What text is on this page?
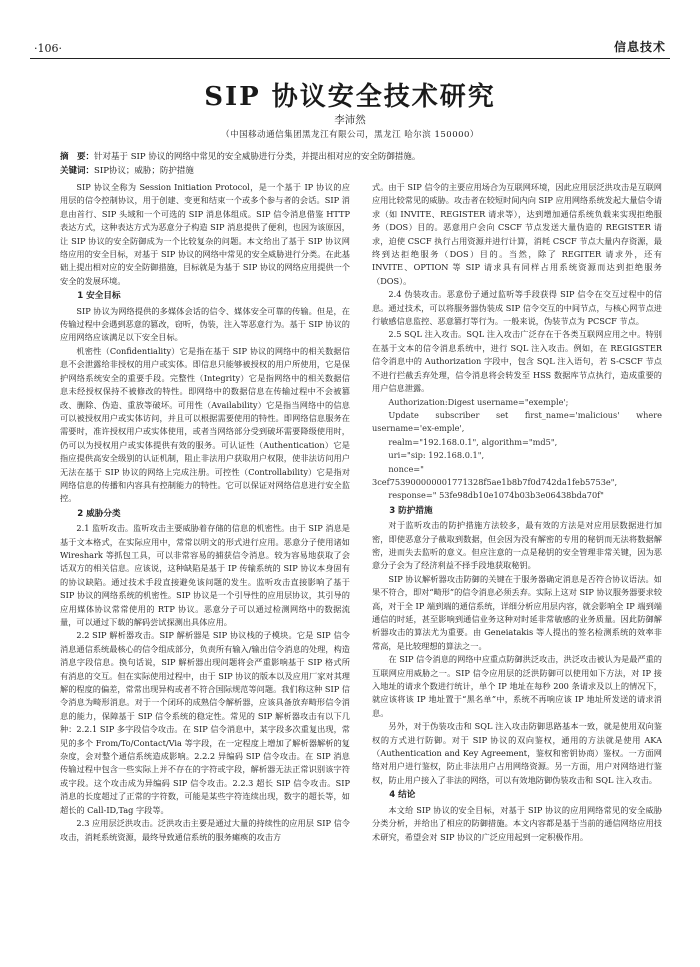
·106·	信息技术
SIP 协议安全技术研究
李沛然
（中国移动通信集团黑龙江有限公司，黑龙江 哈尔滨 150000）
摘　要：针对基于 SIP 协议的网络中常见的安全威胁进行分类，并提出相对应的安全防御措施。
关键词：SIP协议；威胁；防护措施

SIP 协议全称为 Session Initiation Protocol，是一个基于 IP 协议的应用层的信令控制协议，用于创建、变更和结束一个或多个参与者的会话。SIP 消息由首行、SIP 头域和一个可选的 SIP 消息体组成。SIP 信令消息借鉴 HTTP 表达方式，这种表达方式为恶意分子构造 SIP 消息提供了便利，也因为该原因，让 SIP 协议的安全防御成为一个比较复杂的问题。本文给出了基于 SIP 协议网络应用的安全目标，对基于 SIP 协议的网络中常见的安全威胁进行分类。在此基础上提出相对应的安全防御措施，目标就是为基于 SIP 协议的网络应用提供一个安全的发展环境。

1 安全目标

SIP 协议为网络提供的多媒体会话的信令、媒体安全可靠的传输。但是，在传输过程中会遇到恶意的篡改，窃听，伪装，注入等恶意行为。基于 SIP 协议的应用网络应该满足以下安全目标。

机密性（Confidentiality）它是指在基于 SIP 协议的网络中的相关数据信息不会泄露给非授权的用户或实体。即信息只能够被授权的用户所使用，它是保护网络系统安全的重要手段。完整性（Integrity）它是指网络中的相关数据信息未经授权保持不被修改的特性。即网络中的数据信息在传输过程中不会被篡改、删除、伪造、重放等破坏。可用性（Availability）它是指当网络中的信息可以被授权用户或实体访问，并且可以根据需要使用的特性。即网络信息服务在需要时，准许授权用户或实体使用，或者当网络部分受到破坏需要降级使用时，仍可以为授权用户或实体提供有效的服务。可认证性（Authentication）它是指应提供高安全级别的认证机制，阻止非法用户获取用户权限，使非法访问用户无法在基于 SIP 协议的网络上完成注册。可控性（Controllability）它是指对网络信息的传播和内容具有控制能力的特性。它可以保证对网络信息进行安全监控。

2 威胁分类

2.1 监听攻击。监听攻击主要威胁着存储的信息的机密性。由于 SIP 消息是基于文本格式，在实际应用中，常常以明文的形式进行应用。恶意分子使用诸如 Wireshark 等抓包工具，可以非常容易的捕获信令消息。较为容易地获取了会话双方的相关信息。应该说，这种缺陷是基于 IP 传输系统的 SIP 协议本身固有的协议缺陷。通过技术手段直接避免该问题的发生。监听攻击直接影响了基于 SIP 协议的网络系统的机密性。SIP 协议是一个引导性的应用层协议，其引导的应用媒体协议常常使用的 RTP 协议。恶意分子可以通过检测网络中的数据流量，可以通过下载的解码尝试探测出具体应用。

2.2 SIP 解析器攻击。SIP 解析器是 SIP 协议栈的子模块。它是 SIP 信令消息通信系统最核心的信令组成部分，负责所有输入/输出信令消息的处理，构造消息字段信息。换句话说，SIP 解析器出现问题将会严重影响基于 SIP 格式所有消息的交互。但在实际使用过程中，由于 SIP 协议的版本以及应用厂家对其理解的程度的偏差，常常出现异构或者不符合国际规范等问题。我们称这种 SIP 信令消息为畸形消息。对于一个闭环的成熟信令解析器，应该具备放弃畸形信令消息的能力，保障基于 SIP 信令系统的稳定性。常见的 SIP 解析器攻击有以下几种：2.2.1 SIP 多字段信令攻击。在 SIP 信令消息中，某字段多次重复出现，常见的多个 From/To/Contact/Via 等字段，在一定程度上增加了解析器解析的复杂度，会对整个通信系统造成影响。2.2.2 异编码 SIP 信令攻击。在 SIP 消息传输过程中包含一些实际上并不存在的字符或字段，解析器无法正常识别该字符或字段。这个攻击成为异编码 SIP 信令攻击。2.2.3 超长 SIP 信令攻击。SIP 消息的长度超过了正常的字符数，可能是某些字符连续出现，数字的超长等，如超长的 Call-ID,Tag 字段等。

2.3 应用层泛洪攻击。泛洪攻击主要是通过大量的持续性的应用层 SIP 信令攻击，消耗系统资源，最终导致通信系统的服务瘫痪的攻击方

式。由于 SIP 信令的主要应用场合为互联网环境，因此应用层泛洪攻击是互联网应用比较常见的威胁。攻击者在较短时间内向 SIP 应用网络系统发起大量信令请求（如 INVITE、REGISTER 请求等），达到增加通信系统负载来实现拒绝服务（DOS）目的。恶意用户会向 CSCF 节点发送大量伪造的 REGISTER 请求，迫使 CSCF 执行占用资源并进行计算，消耗 CSCF 节点大量内存资源，最终到达拒绝服务（DOS）目的。当然，除了 REGITER 请求外，还有 INVITE、OPTION 等 SIP 请求具有同样占用系统资源而达到拒绝服务（DOS）。

2.4 伪装攻击。恶意份子通过监听等手段获得 SIP 信令在交互过程中的信息。通过技术，可以将服务器伪装成 SIP 信令交互的中间节点，与核心网节点进行敏感信息监控、恶意篡打等行为。一般来说，伪装节点为 PCSCF 节点。

2.5 SQL 注入攻击。SQL 注入攻击广泛存在于各类互联网应用之中。特别在基于文本的信令消息系统中，进行 SQL 注入攻击。例如，在 REGIGSTER 信令消息中的 Authorization 字段中，包含 SQL 注入语句，若 S-CSCF 节点不进行拦截丢弃处理，信令消息将会转发至 HSS 数据库节点执行，造成重要的用户信息泄露。

Authorization:Digest username="exemple';

Update subscriber set first_name='malicious' where username='ex-emple',

realm="192.168.0.1", algorithm="md5",

uri="sip: 192.168.0.1",

nonce=" 3cef753900000001771328f5ae1b8b7f0d742da1feb5753e",

response=" 53fe98db10e1074b03b3e06438bda70f"

3 防护措施

对于监听攻击的防护措施方法较多，最有效的方法是对应用层数据进行加密，即使恶意分子截取到数据，但会因为没有解密的专用的秘钥而无法将数据解密，进而失去监听的意义。但应注意的一点是秘钥的安全管理非常关键，因为恶意分子会为了经济利益不择手段地获取秘钥。

SIP 协议解析器攻击防御的关键在于服务器确定消息是否符合协议语法。如果不符合，即对“畸形”的信令消息必须丢弃。实际上这对 SIP 协议服务器要求较高，对于全 IP 端到端的通信系统，详细分析应用层内容，就会影响全 IP 端到端通信的时延，甚至影响到通信业务这种对时延非常敏感的业务质量。因此防御解析器攻击的算法尤为重要。由 Geneiatakis 等人提出的签名检测系统的效率非常高，是比较理想的算法之一。

在 SIP 信令消息的网络中应重点防御洪泛攻击，洪泛攻击被认为是最严重的互联网应用威胁之一。SIP 信令应用层的泛洪防御可以使用如下方法，对 IP 接入地址的请求个数进行统计，单个 IP 地址在每秒 200 条请求及以上的情况下，就应该将该 IP 地址置于“黑名单”中，系统不再响应该 IP 地址所发送的请求消息。

另外，对于伪装攻击和 SQL 注入攻击防御思路基本一致，就是使用双向鉴权的方式进行防御。对于 SIP 协议的双向鉴权，通用的方法就是使用 AKA（Authentication and Key Agreement，鉴权和密钥协商）鉴权。一方面网络对用户进行鉴权，防止非法用户占用网络资源。另一方面，用户对网络进行鉴权，防止用户接入了非法的网络，可以有效地防御伪装攻击和 SQL 注入攻击。

4 结论

本文给 SIP 协议的安全目标，对基于 SIP 协议的应用网络常见的安全威胁分类分析，并给出了相应的防御措施。本文内容都是基于当前的通信网络应用技术研究，希望会对 SIP 协议的广泛应用起到一定积极作用。
